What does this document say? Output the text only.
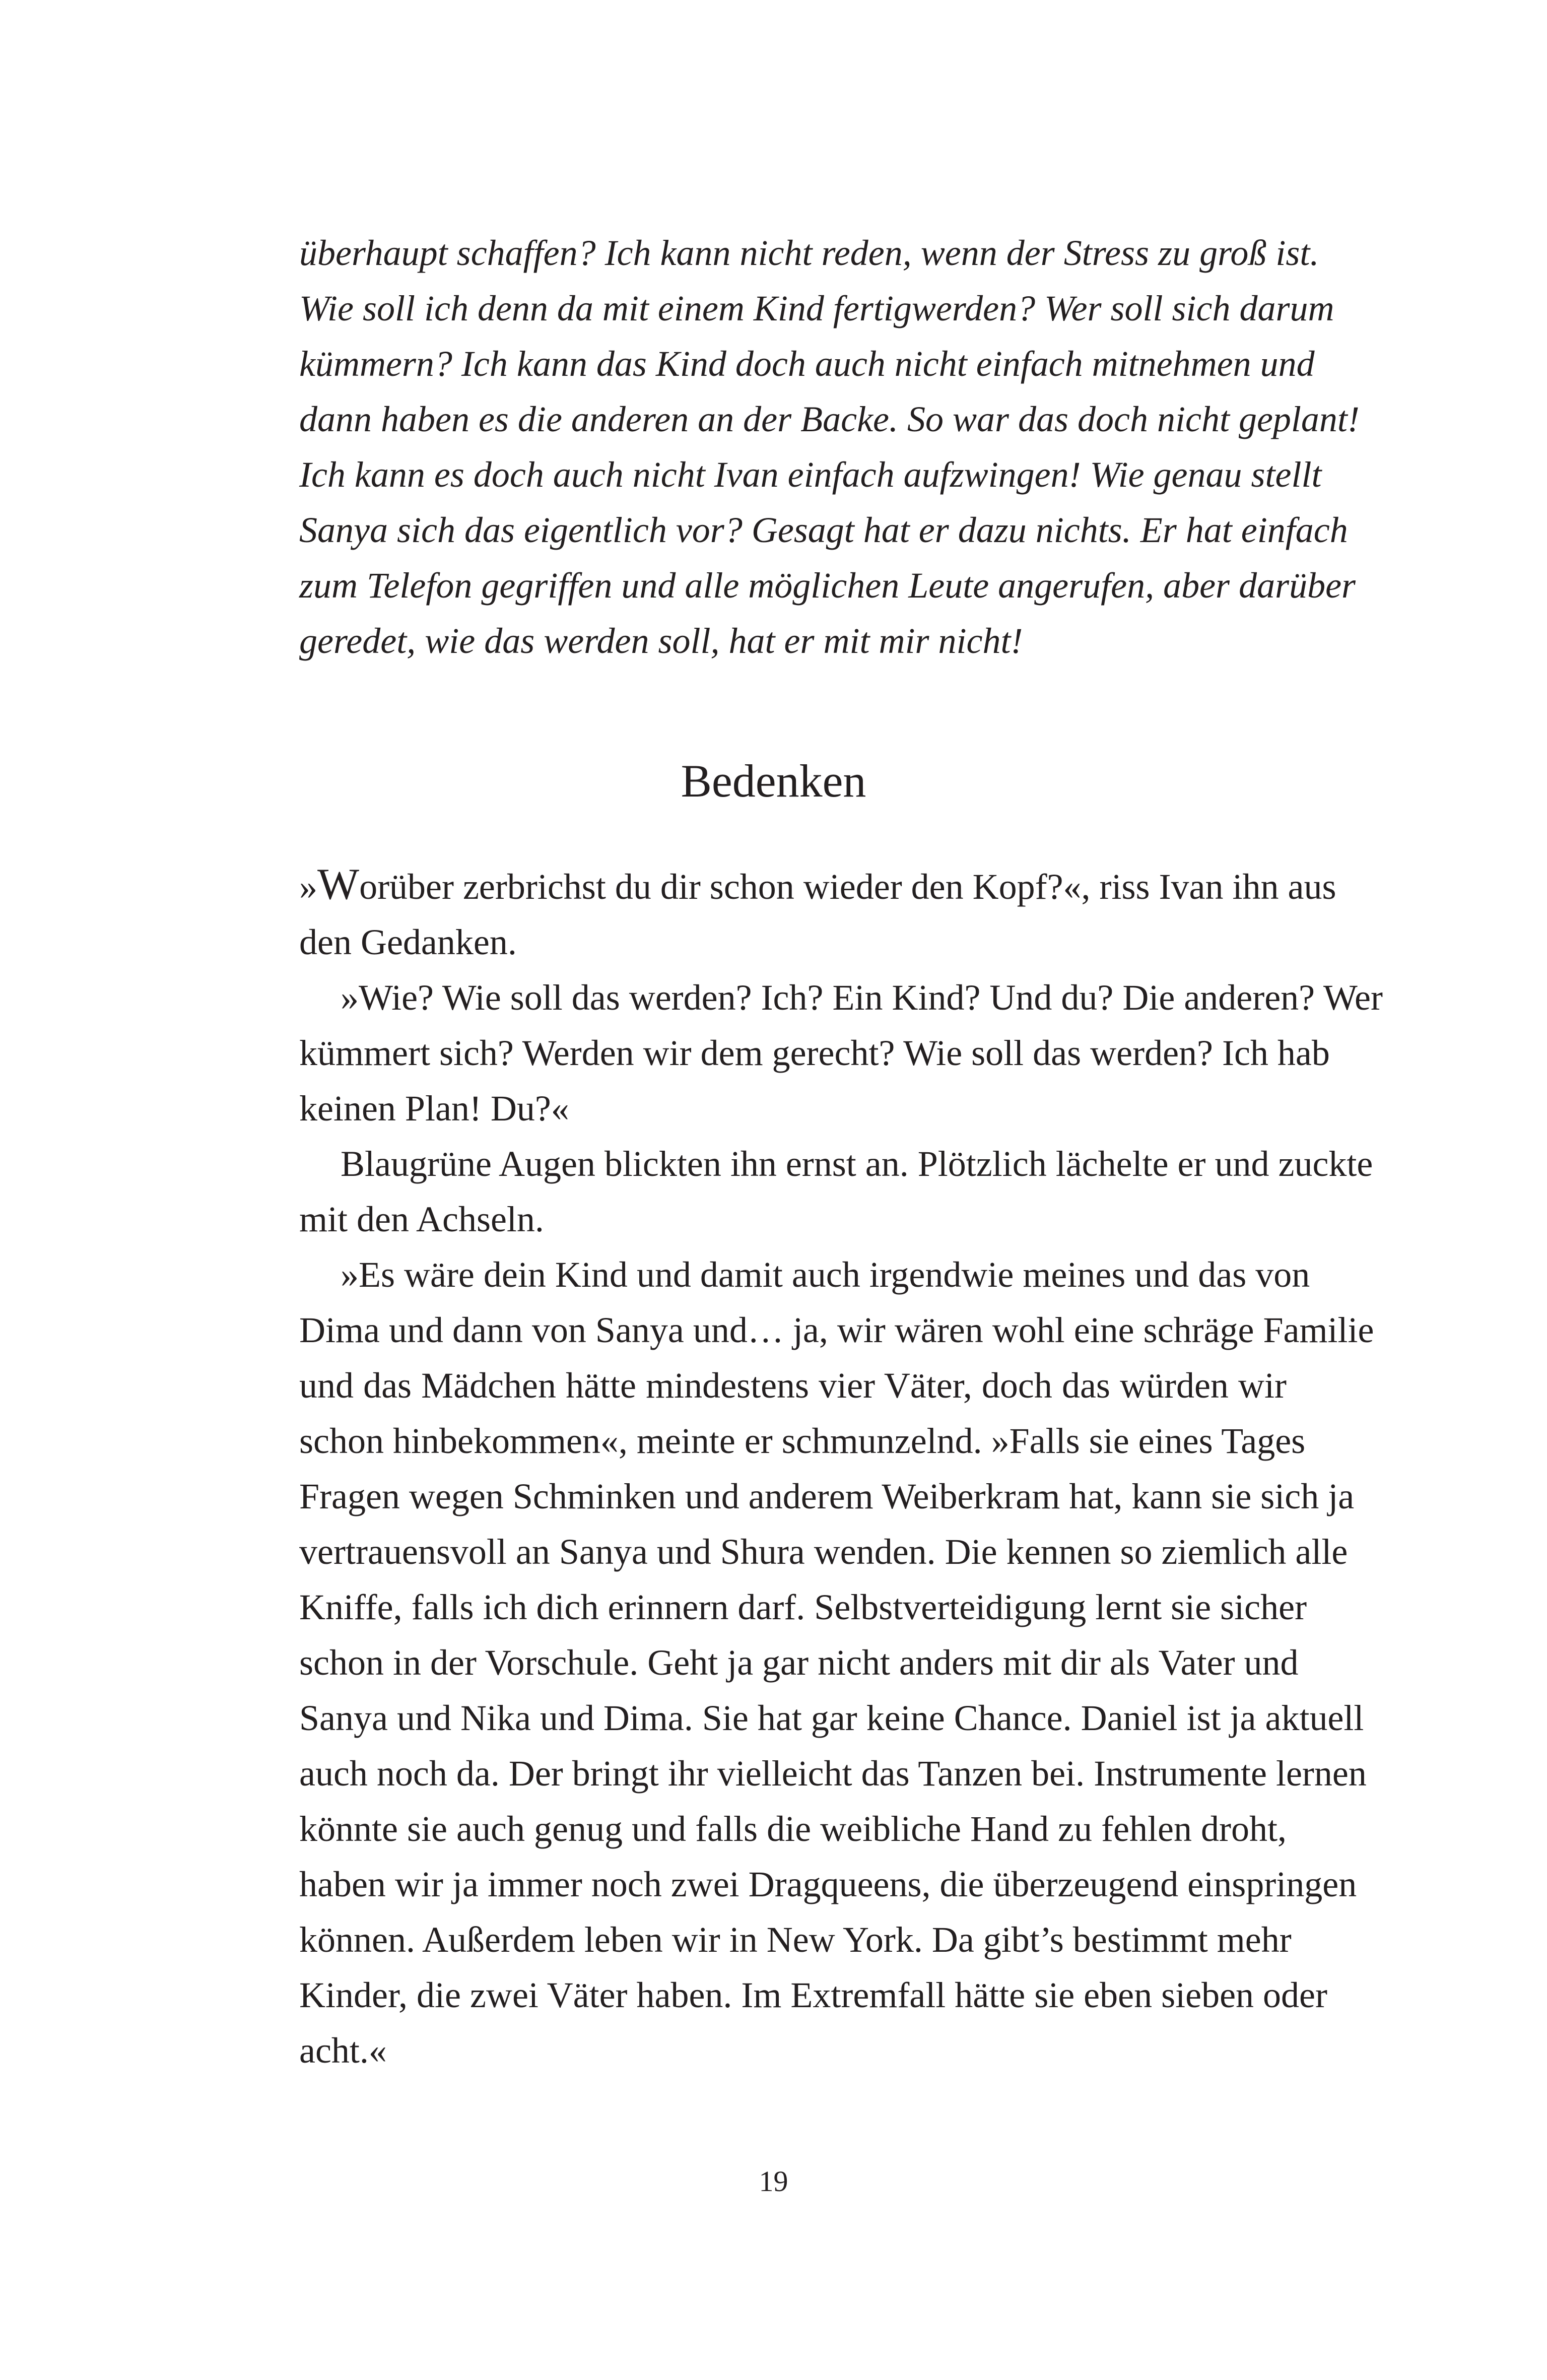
überhaupt schaffen? Ich kann nicht reden, wenn der Stress zu groß ist.
Wie soll ich denn da mit einem Kind fertigwerden? Wer soll sich darum
kümmern? Ich kann das Kind doch auch nicht einfach mitnehmen und
dann haben es die anderen an der Backe. So war das doch nicht geplant!
Ich kann es doch auch nicht Ivan einfach aufzwingen! Wie genau stellt
Sanya sich das eigentlich vor? Gesagt hat er dazu nichts. Er hat einfach
zum Telefon gegriffen und alle möglichen Leute angerufen, aber darüber
geredet, wie das werden soll, hat er mit mir nicht!
Bedenken
»Worüber zerbrichst du dir schon wieder den Kopf?«, riss Ivan ihn aus
den Gedanken.
»Wie? Wie soll das werden? Ich? Ein Kind? Und du? Die anderen? Wer
kümmert sich? Werden wir dem gerecht? Wie soll das werden? Ich hab
keinen Plan! Du?«
Blaugrüne Augen blickten ihn ernst an. Plötzlich lächelte er und zuckte
mit den Achseln.
»Es wäre dein Kind und damit auch irgendwie meines und das von
Dima und dann von Sanya und… ja, wir wären wohl eine schräge Familie
und das Mädchen hätte mindestens vier Väter, doch das würden wir
schon hinbekommen«, meinte er schmunzelnd. »Falls sie eines Tages
Fragen wegen Schminken und anderem Weiberkram hat, kann sie sich ja
vertrauensvoll an Sanya und Shura wenden. Die kennen so ziemlich alle
Kniffe, falls ich dich erinnern darf. Selbstverteidigung lernt sie sicher
schon in der Vorschule. Geht ja gar nicht anders mit dir als Vater und
Sanya und Nika und Dima. Sie hat gar keine Chance. Daniel ist ja aktuell
auch noch da. Der bringt ihr vielleicht das Tanzen bei. Instrumente lernen
könnte sie auch genug und falls die weibliche Hand zu fehlen droht,
haben wir ja immer noch zwei Dragqueens, die überzeugend einspringen
können. Außerdem leben wir in New York. Da gibt’s bestimmt mehr
Kinder, die zwei Väter haben. Im Extremfall hätte sie eben sieben oder
acht.«
19
